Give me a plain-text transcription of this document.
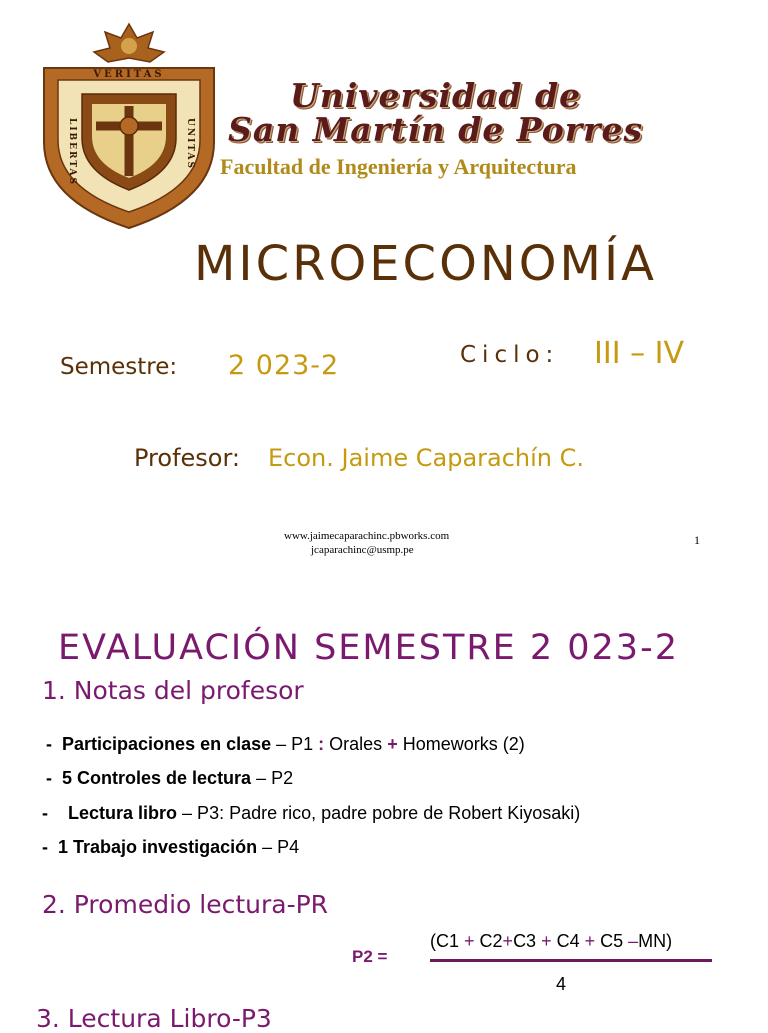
VERITAS
LIBERTAS	UNITAS
Universidad de
San Martín de Porres
Facultad de Ingeniería y Arquitectura
MICROECONOMÍA
Semestre: 2 023-2	Ciclo: III – IV
Profesor: Econ. Jaime Caparachín C.
www.jaimecaparachinc.pbworks.com
jcaparachinc@usmp.pe
1
EVALUACIÓN SEMESTRE 2 023-2
1. Notas del profesor
- Participaciones en clase – P1 : Orales + Homeworks (2)
- 5 Controles de lectura – P2
- Lectura libro – P3: Padre rico, padre pobre de Robert Kiyosaki)
- 1 Trabajo investigación – P4
2. Promedio lectura-PR
P2 =
(C1 + C2+C3 + C4 + C5 –MN)
4
3. Lectura Libro-P3
